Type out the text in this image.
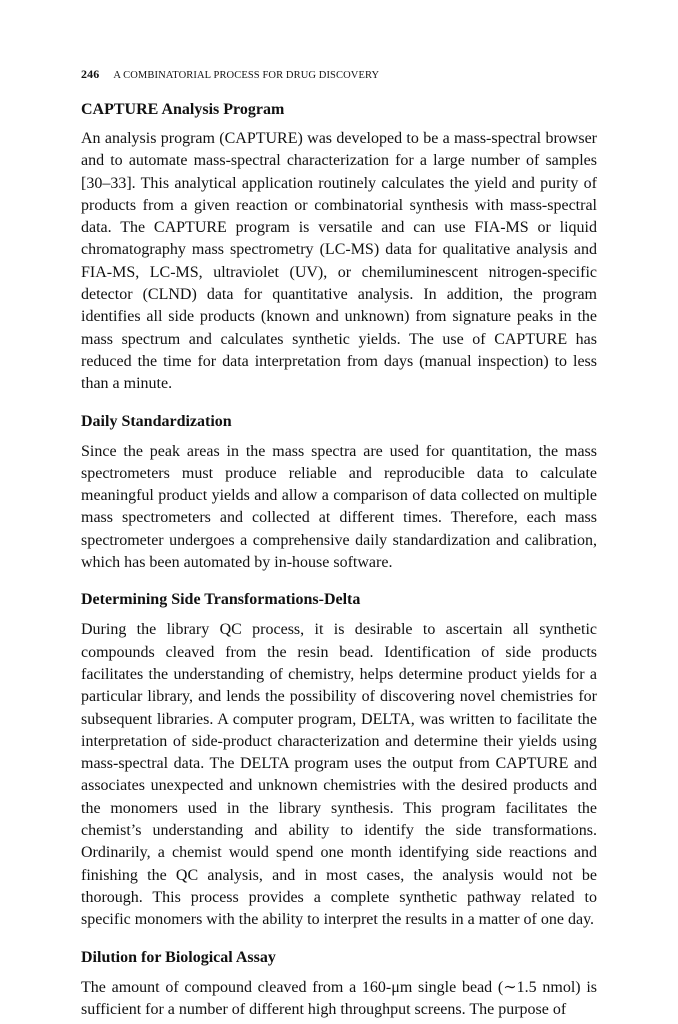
246 A COMBINATORIAL PROCESS FOR DRUG DISCOVERY
CAPTURE Analysis Program

An analysis program (CAPTURE) was developed to be a mass-spectral browser and to automate mass-spectral characterization for a large number of samples [30–33]. This analytical application routinely calculates the yield and purity of products from a given reaction or combinatorial synthesis with mass-spectral data. The CAPTURE program is versatile and can use FIA-MS or liquid chromatography mass spectrometry (LC-MS) data for qualitative analysis and FIA-MS, LC-MS, ultraviolet (UV), or chemiluminescent nitrogen-specific detector (CLND) data for quantitative analysis. In addition, the program identifies all side products (known and unknown) from signature peaks in the mass spectrum and calculates synthetic yields. The use of CAPTURE has reduced the time for data interpretation from days (manual inspection) to less than a minute.

Daily Standardization

Since the peak areas in the mass spectra are used for quantitation, the mass spectrometers must produce reliable and reproducible data to calculate meaningful product yields and allow a comparison of data collected on multiple mass spectrometers and collected at different times. Therefore, each mass spectrometer undergoes a comprehensive daily standardization and calibration, which has been automated by in-house software.

Determining Side Transformations-Delta

During the library QC process, it is desirable to ascertain all synthetic compounds cleaved from the resin bead. Identification of side products facilitates the understanding of chemistry, helps determine product yields for a particular library, and lends the possibility of discovering novel chemistries for subsequent libraries. A computer program, DELTA, was written to facilitate the interpretation of side-product characterization and determine their yields using mass-spectral data. The DELTA program uses the output from CAPTURE and associates unexpected and unknown chemistries with the desired products and the monomers used in the library synthesis. This program facilitates the chemist’s understanding and ability to identify the side transformations. Ordinarily, a chemist would spend one month identifying side reactions and finishing the QC analysis, and in most cases, the analysis would not be thorough. This process provides a complete synthetic pathway related to specific monomers with the ability to interpret the results in a matter of one day.

Dilution for Biological Assay

The amount of compound cleaved from a 160-μm single bead (∼1.5 nmol) is sufficient for a number of different high throughput screens. The purpose of
